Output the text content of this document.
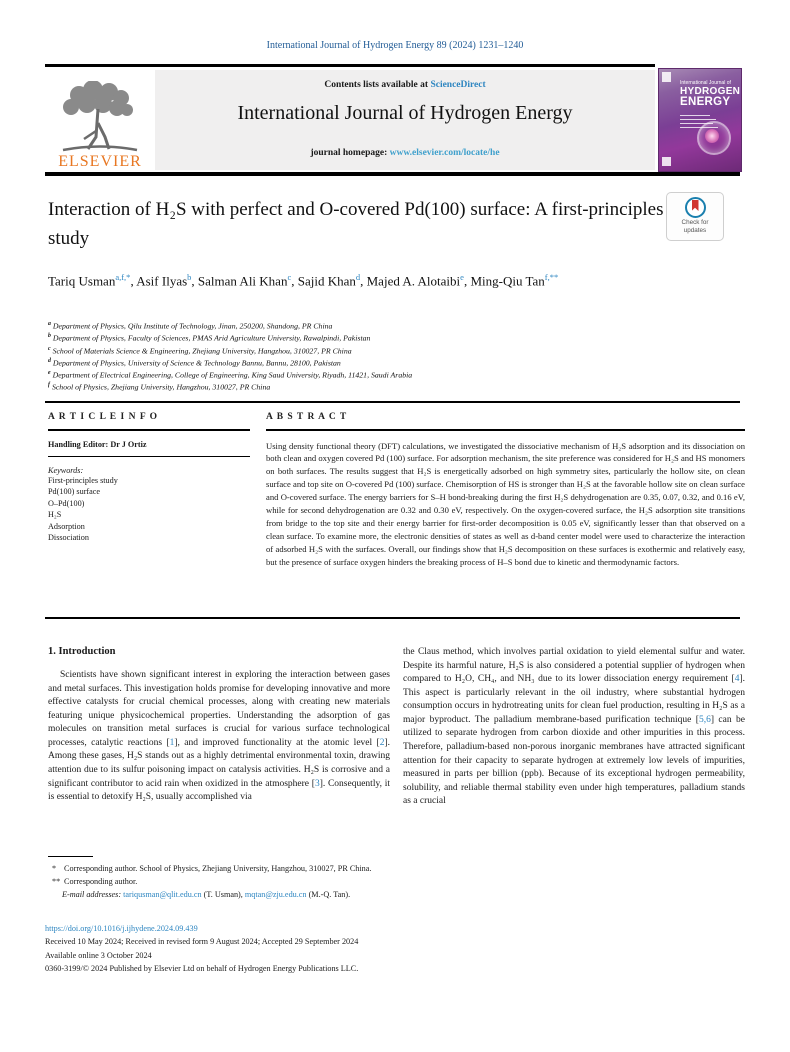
International Journal of Hydrogen Energy 89 (2024) 1231–1240
ELSEVIER
Contents lists available at ScienceDirect
International Journal of Hydrogen Energy
journal homepage: www.elsevier.com/locate/he
International Journal of
HYDROGEN
ENERGY
Interaction of H₂S with perfect and O-covered Pd(100) surface: A first-principles study
Check for
updates
Tariq Usman$^{a,f,*}$, Asif Ilyas$^b$, Salman Ali Khan$^c$, Sajid Khan$^d$, Majed A. Alotaibi$^e$, Ming-Qiu Tan$^{f,**}$
$^a$ Department of Physics, Qilu Institute of Technology, Jinan, 250200, Shandong, PR China
$^b$ Department of Physics, Faculty of Sciences, PMAS Arid Agriculture University, Rawalpindi, Pakistan
$^c$ School of Materials Science & Engineering, Zhejiang University, Hangzhou, 310027, PR China
$^d$ Department of Physics, University of Science & Technology Bannu, Bannu, 28100, Pakistan
$^e$ Department of Electrical Engineering, College of Engineering, King Saud University, Riyadh, 11421, Saudi Arabia
$^f$ School of Physics, Zhejiang University, Hangzhou, 310027, PR China
A R T I C L E I N F O
Handling Editor: Dr J Ortiz
Keywords:
First-principles study
Pd(100) surface
O–Pd(100)
H₂S
Adsorption
Dissociation
A B S T R A C T
Using density functional theory (DFT) calculations, we investigated the dissociative mechanism of H₂S adsorption and its dissociation on both clean and oxygen covered Pd (100) surface. For adsorption mechanism, the site preference was considered for H₂S and HS monomers on both surfaces. The results suggest that H₂S is energetically adsorbed on high symmetry sites, particularly the hollow site, on clean surface and top site on O-covered Pd (100) surface. Chemisorption of HS is stronger than H₂S at the favorable hollow site on clean surface and O-covered surface. The energy barriers for S–H bond-breaking during the first H₂S dehydrogenation are 0.35, 0.07, 0.32, and 0.16 eV, while for second dehydrogenation are 0.32 and 0.30 eV, respectively. On the oxygen-covered surface, the H₂S adsorption site transitions from bridge to the top site and their energy barrier for first-order decomposition is 0.05 eV, significantly lesser than that observed on a clean surface. To examine more, the electronic densities of states as well as d-band center model were used to characterize the interaction of adsorbed H₂S with the surfaces. Overall, our findings show that H₂S decomposition on these surfaces is exothermic and relatively easy, but the presence of surface oxygen hinders the breaking process of H–S bond due to kinetic and thermodynamic factors.
1. Introduction
Scientists have shown significant interest in exploring the interaction between gases and metal surfaces. This investigation holds promise for developing innovative and more effective catalysts for crucial chemical processes, along with creating new materials featuring unique physicochemical properties. Understanding the adsorption of gas molecules on transition metal surfaces is crucial for various surface technological processes, catalytic reactions [1], and improved functionality at the atomic level [2]. Among these gases, H₂S stands out as a highly detrimental environmental toxin, drawing attention due to its sulfur poisoning impact on catalysis activities. H₂S is corrosive and a significant contributor to acid rain when oxidized in the atmosphere [3]. Consequently, it is essential to detoxify H₂S, usually accomplished via
the Claus method, which involves partial oxidation to yield elemental sulfur and water. Despite its harmful nature, H₂S is also considered a potential supplier of hydrogen when compared to H₂O, CH₄, and NH₃ due to its lower dissociation energy requirement [4]. This aspect is particularly relevant in the oil industry, where substantial hydrogen consumption occurs in hydrotreating units for clean fuel production, resulting in H₂S as a major byproduct. The palladium membrane-based purification technique [5,6] can be utilized to separate hydrogen from carbon dioxide and other impurities in this process. Therefore, palladium-based non-porous inorganic membranes have attracted significant attention for their capacity to separate hydrogen at extremely low levels of impurities, measured in parts per billion (ppb). Because of its exceptional hydrogen permeability, solubility, and reliable thermal stability even under high temperatures, palladium stands as a crucial
* Corresponding author. School of Physics, Zhejiang University, Hangzhou, 310027, PR China.
** Corresponding author.
E-mail addresses: tariqusman@qlit.edu.cn (T. Usman), mqtan@zju.edu.cn (M.-Q. Tan).
https://doi.org/10.1016/j.ijhydene.2024.09.439
Received 10 May 2024; Received in revised form 9 August 2024; Accepted 29 September 2024
Available online 3 October 2024
0360-3199/© 2024 Published by Elsevier Ltd on behalf of Hydrogen Energy Publications LLC.
